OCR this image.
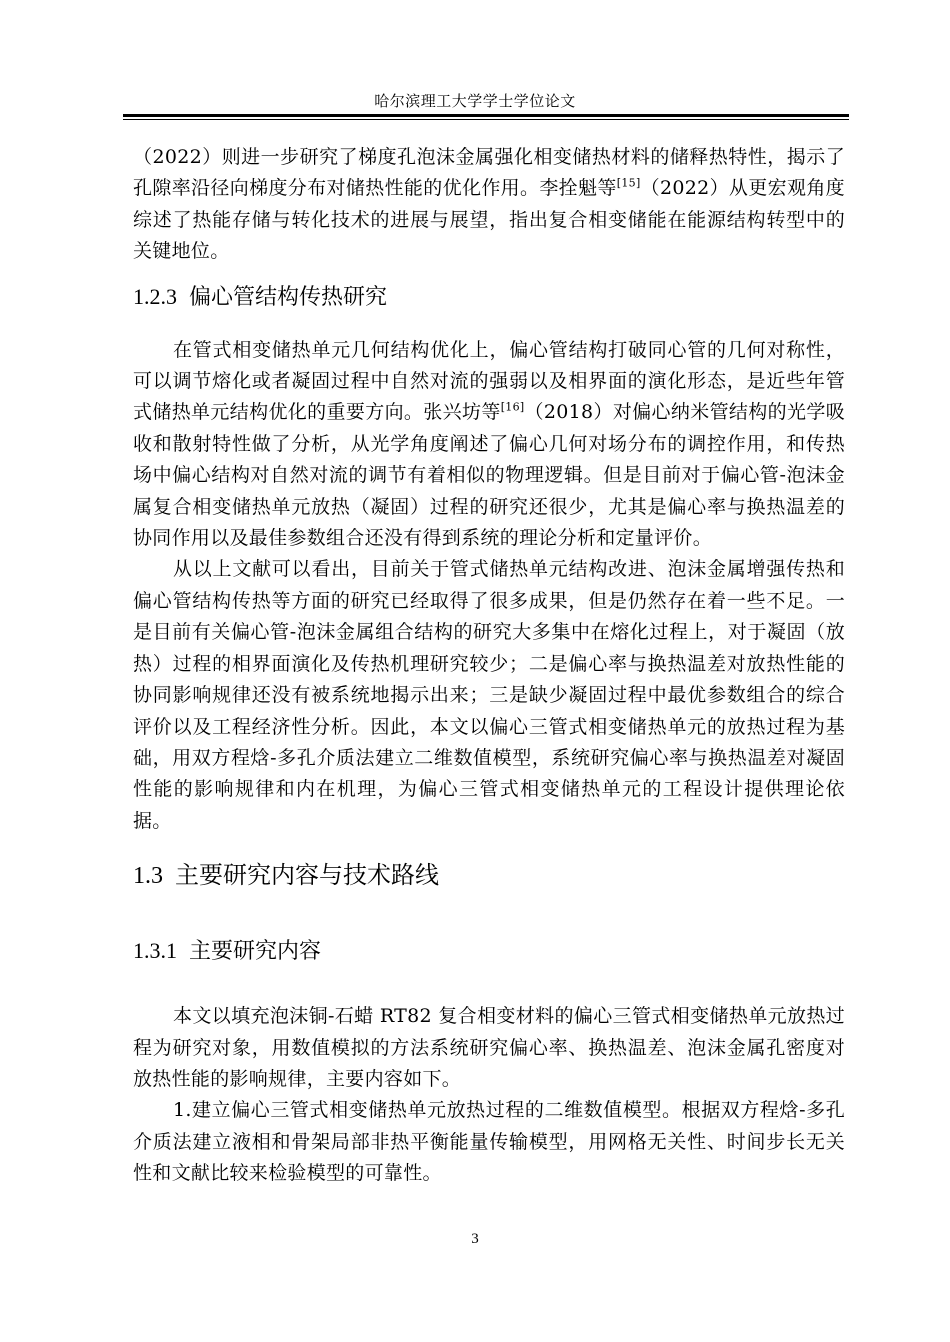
哈尔滨理工大学学士学位论文

（2022）则进一步研究了梯度孔泡沫金属强化相变储热材料的储释热特性，揭示了孔隙率沿径向梯度分布对储热性能的优化作用。李拴魁等[15]（2022）从更宏观角度综述了热能存储与转化技术的进展与展望，指出复合相变储能在能源结构转型中的关键地位。

1.2.3 偏心管结构传热研究

在管式相变储热单元几何结构优化上，偏心管结构打破同心管的几何对称性，可以调节熔化或者凝固过程中自然对流的强弱以及相界面的演化形态，是近些年管式储热单元结构优化的重要方向。张兴坊等[16]（2018）对偏心纳米管结构的光学吸收和散射特性做了分析，从光学角度阐述了偏心几何对场分布的调控作用，和传热场中偏心结构对自然对流的调节有着相似的物理逻辑。但是目前对于偏心管-泡沫金属复合相变储热单元放热（凝固）过程的研究还很少，尤其是偏心率与换热温差的协同作用以及最佳参数组合还没有得到系统的理论分析和定量评价。

从以上文献可以看出，目前关于管式储热单元结构改进、泡沫金属增强传热和偏心管结构传热等方面的研究已经取得了很多成果，但是仍然存在着一些不足。一是目前有关偏心管-泡沫金属组合结构的研究大多集中在熔化过程上，对于凝固（放热）过程的相界面演化及传热机理研究较少；二是偏心率与换热温差对放热性能的协同影响规律还没有被系统地揭示出来；三是缺少凝固过程中最优参数组合的综合评价以及工程经济性分析。因此，本文以偏心三管式相变储热单元的放热过程为基础，用双方程焓-多孔介质法建立二维数值模型，系统研究偏心率与换热温差对凝固性能的影响规律和内在机理，为偏心三管式相变储热单元的工程设计提供理论依据。

1.3 主要研究内容与技术路线
1.3.1 主要研究内容

本文以填充泡沫铜-石蜡 RT82 复合相变材料的偏心三管式相变储热单元放热过程为研究对象，用数值模拟的方法系统研究偏心率、换热温差、泡沫金属孔密度对放热性能的影响规律，主要内容如下。

1.建立偏心三管式相变储热单元放热过程的二维数值模型。根据双方程焓-多孔介质法建立液相和骨架局部非热平衡能量传输模型，用网格无关性、时间步长无关性和文献比较来检验模型的可靠性。

3
